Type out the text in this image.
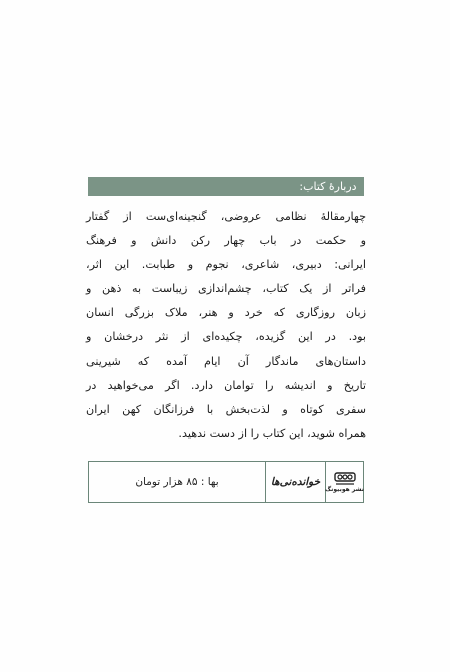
دربارهٔ کتاب:
چهارمقالهٔ نظامی عروضی، گنجینه‌ای‌ست از گفتار
و حکمت در باب چهار رکن دانش و فرهنگ
ایرانی: دبیری، شاعری، نجوم و طبابت. این اثر،
فراتر از یک کتاب، چشم‌اندازی زیباست به ذهن و
زبان روزگاری که خرد و هنر، ملاک بزرگی انسان
بود. در این گزیده، چکیده‌ای از نثر درخشان و
داستان‌های ماندگار آن ایام آمده که شیرینی
تاریخ و اندیشه را توامان دارد. اگر می‌خواهید در
سفری کوتاه و لذت‌بخش با فرزانگان کهن ایران
همراه شوید، این کتاب را از دست ندهید.
نشر هوبیونگ
خوانده‌نی‌ها
بها : ۸۵ هزار تومان
